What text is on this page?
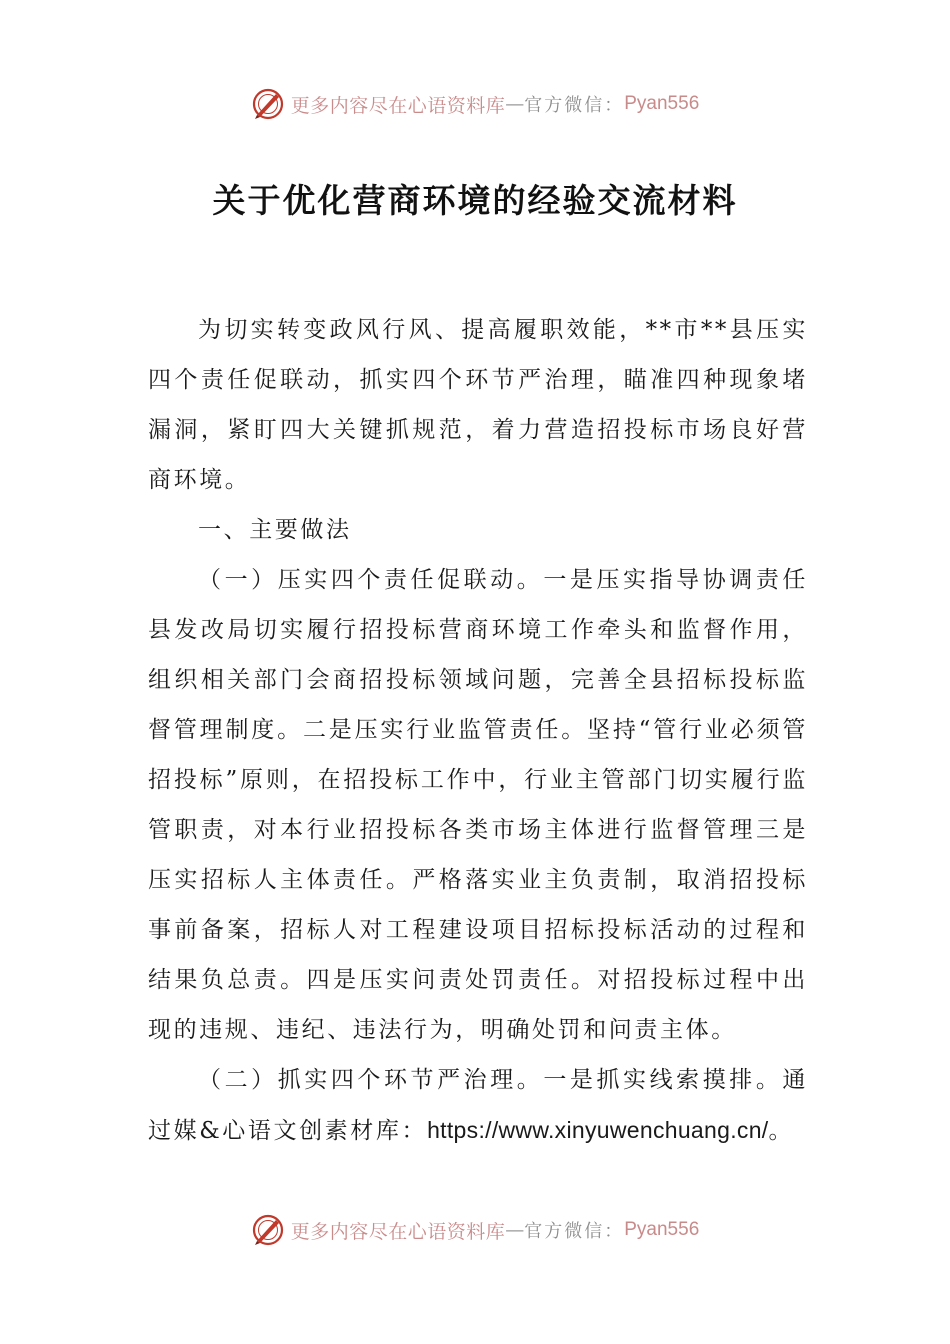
更多内容尽在心语资料库 — 官方微信： Pyan556
关于优化营商环境的经验交流材料

为切实转变政风行风、提高履职效能，**市**县压实四个责任促联动，抓实四个环节严治理，瞄准四种现象堵漏洞，紧盯四大关键抓规范，着力营造招投标市场良好营商环境。

一、主要做法

（一）压实四个责任促联动。一是压实指导协调责任县发改局切实履行招投标营商环境工作牵头和监督作用，组织相关部门会商招投标领域问题，完善全县招标投标监督管理制度。二是压实行业监管责任。坚持“管行业必须管招投标”原则，在招投标工作中，行业主管部门切实履行监管职责，对本行业招投标各类市场主体进行监督管理三是压实招标人主体责任。严格落实业主负责制，取消招投标事前备案，招标人对工程建设项目招标投标活动的过程和结果负总责。四是压实问责处罚责任。对招投标过程中出现的违规、违纪、违法行为，明确处罚和问责主体。

（二）抓实四个环节严治理。一是抓实线索摸排。通过媒&心语文创素材库：https://www.xinyuwenchuang.cn/。

更多内容尽在心语资料库 — 官方微信： Pyan556
